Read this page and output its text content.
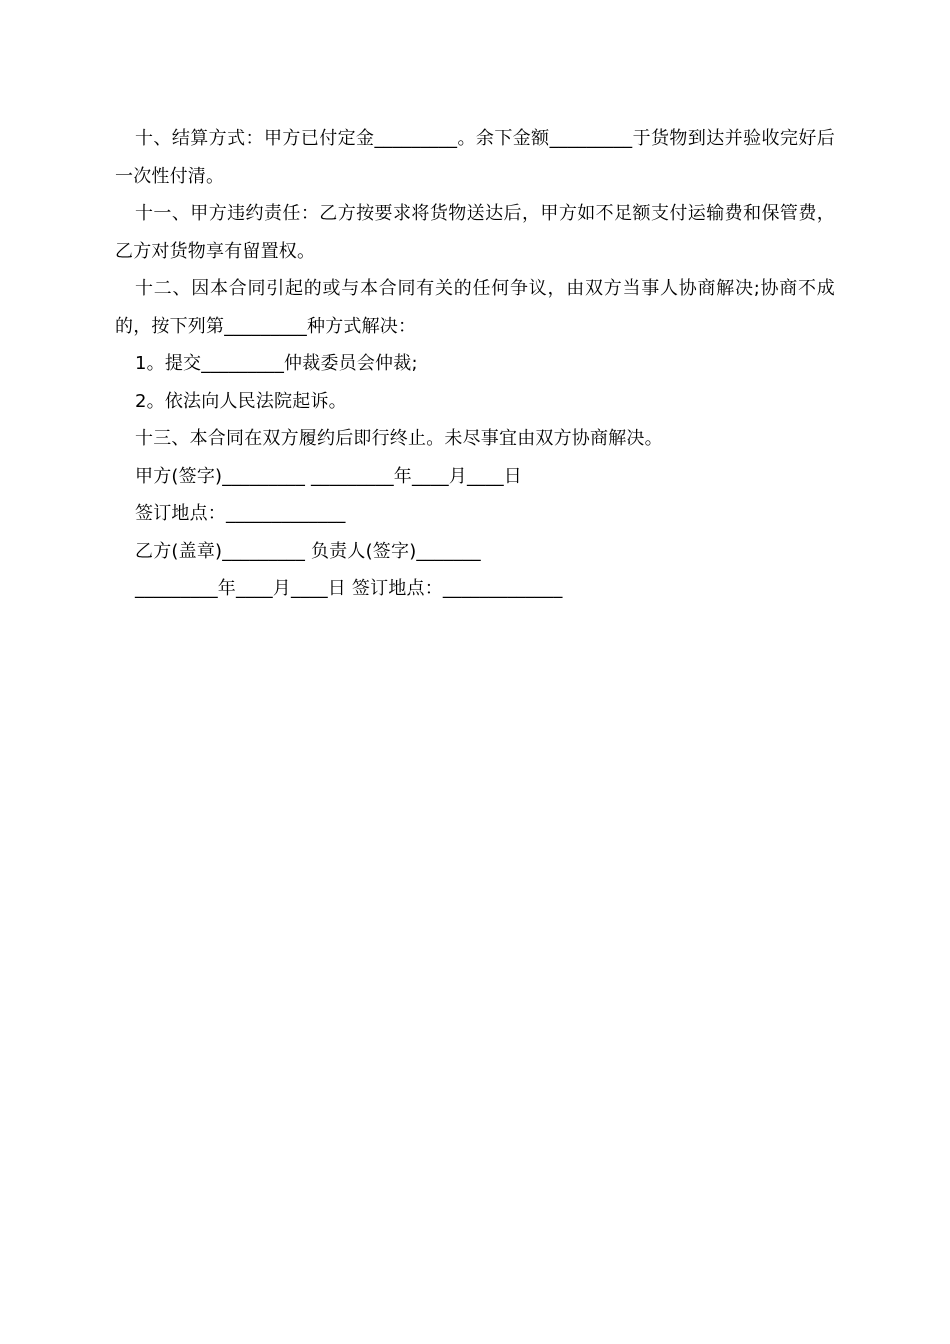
十、结算方式：甲方已付定金_________。余下金额_________于货物到达并验收完好后一次性付清。

十一、甲方违约责任：乙方按要求将货物送达后，甲方如不足额支付运输费和保管费，乙方对货物享有留置权。

十二、因本合同引起的或与本合同有关的任何争议，由双方当事人协商解决;协商不成的，按下列第_________种方式解决：

1。提交_________仲裁委员会仲裁;

2。依法向人民法院起诉。

十三、本合同在双方履约后即行终止。未尽事宜由双方协商解决。

甲方(签字)_________ _________年____月____日

签订地点：_____________

乙方(盖章)_________ 负责人(签字)_______

_________年____月____日 签订地点：_____________
